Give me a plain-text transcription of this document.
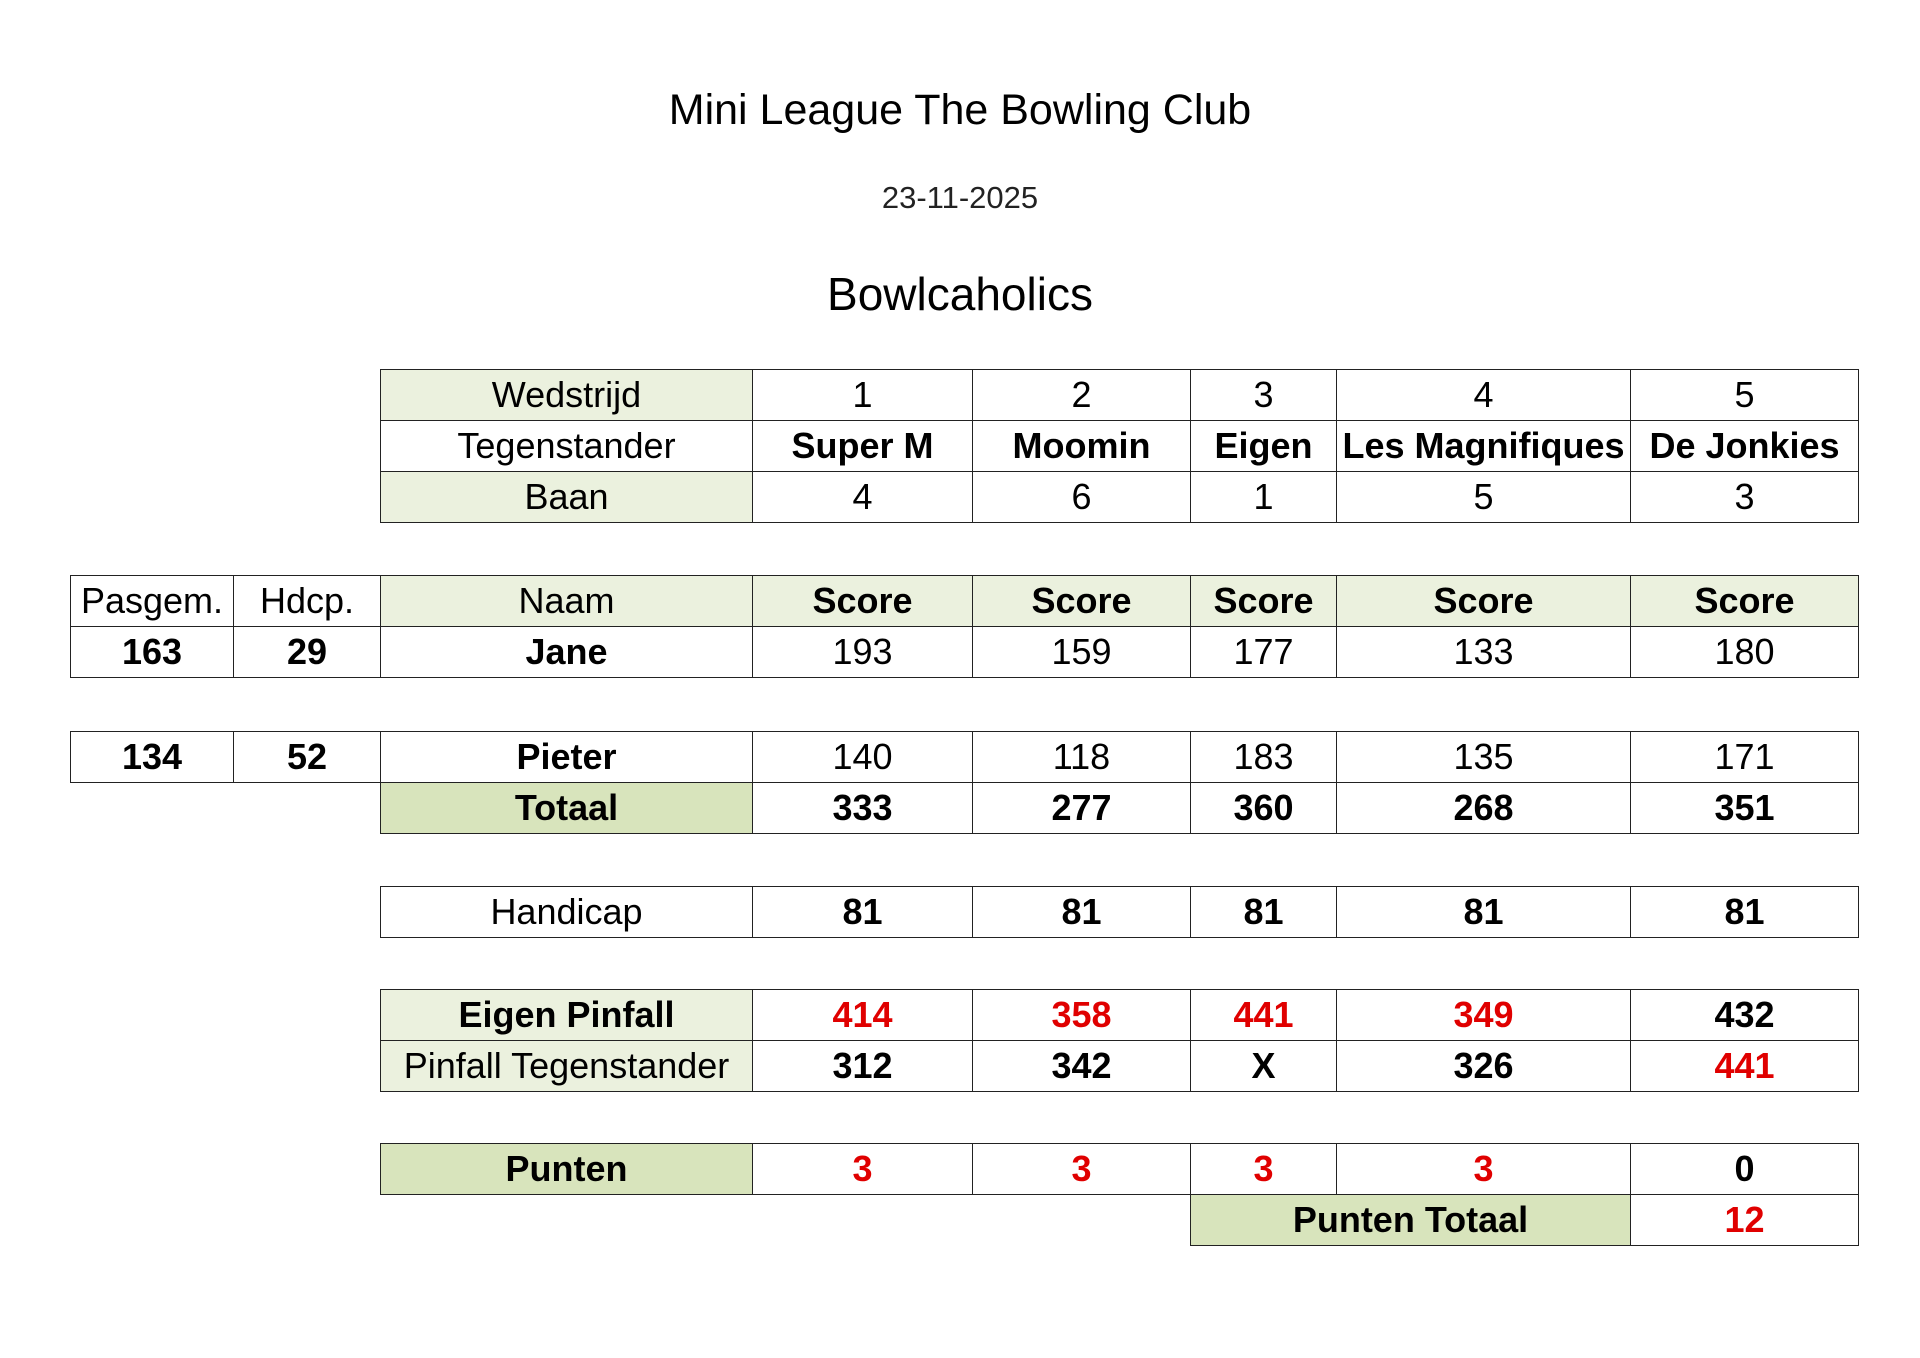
Mini League The Bowling Club
23-11-2025
Bowlcaholics
Wedstrijd	1	2	3	4	5
Tegenstander	Super M	Moomin	Eigen	Les Magnifiques	De Jonkies
Baan	4	6	1	5	3
Pasgem.	Hdcp.	Naam	Score	Score	Score	Score	Score
163	29	Jane	193	159	177	133	180
134	52	Pieter	140	118	183	135	171
		Totaal	333	277	360	268	351
Handicap	81	81	81	81	81
Eigen Pinfall	414	358	441	349	432
Pinfall Tegenstander	312	342	X	326	441
Punten	3	3	3	3	0
			Punten Totaal		12
